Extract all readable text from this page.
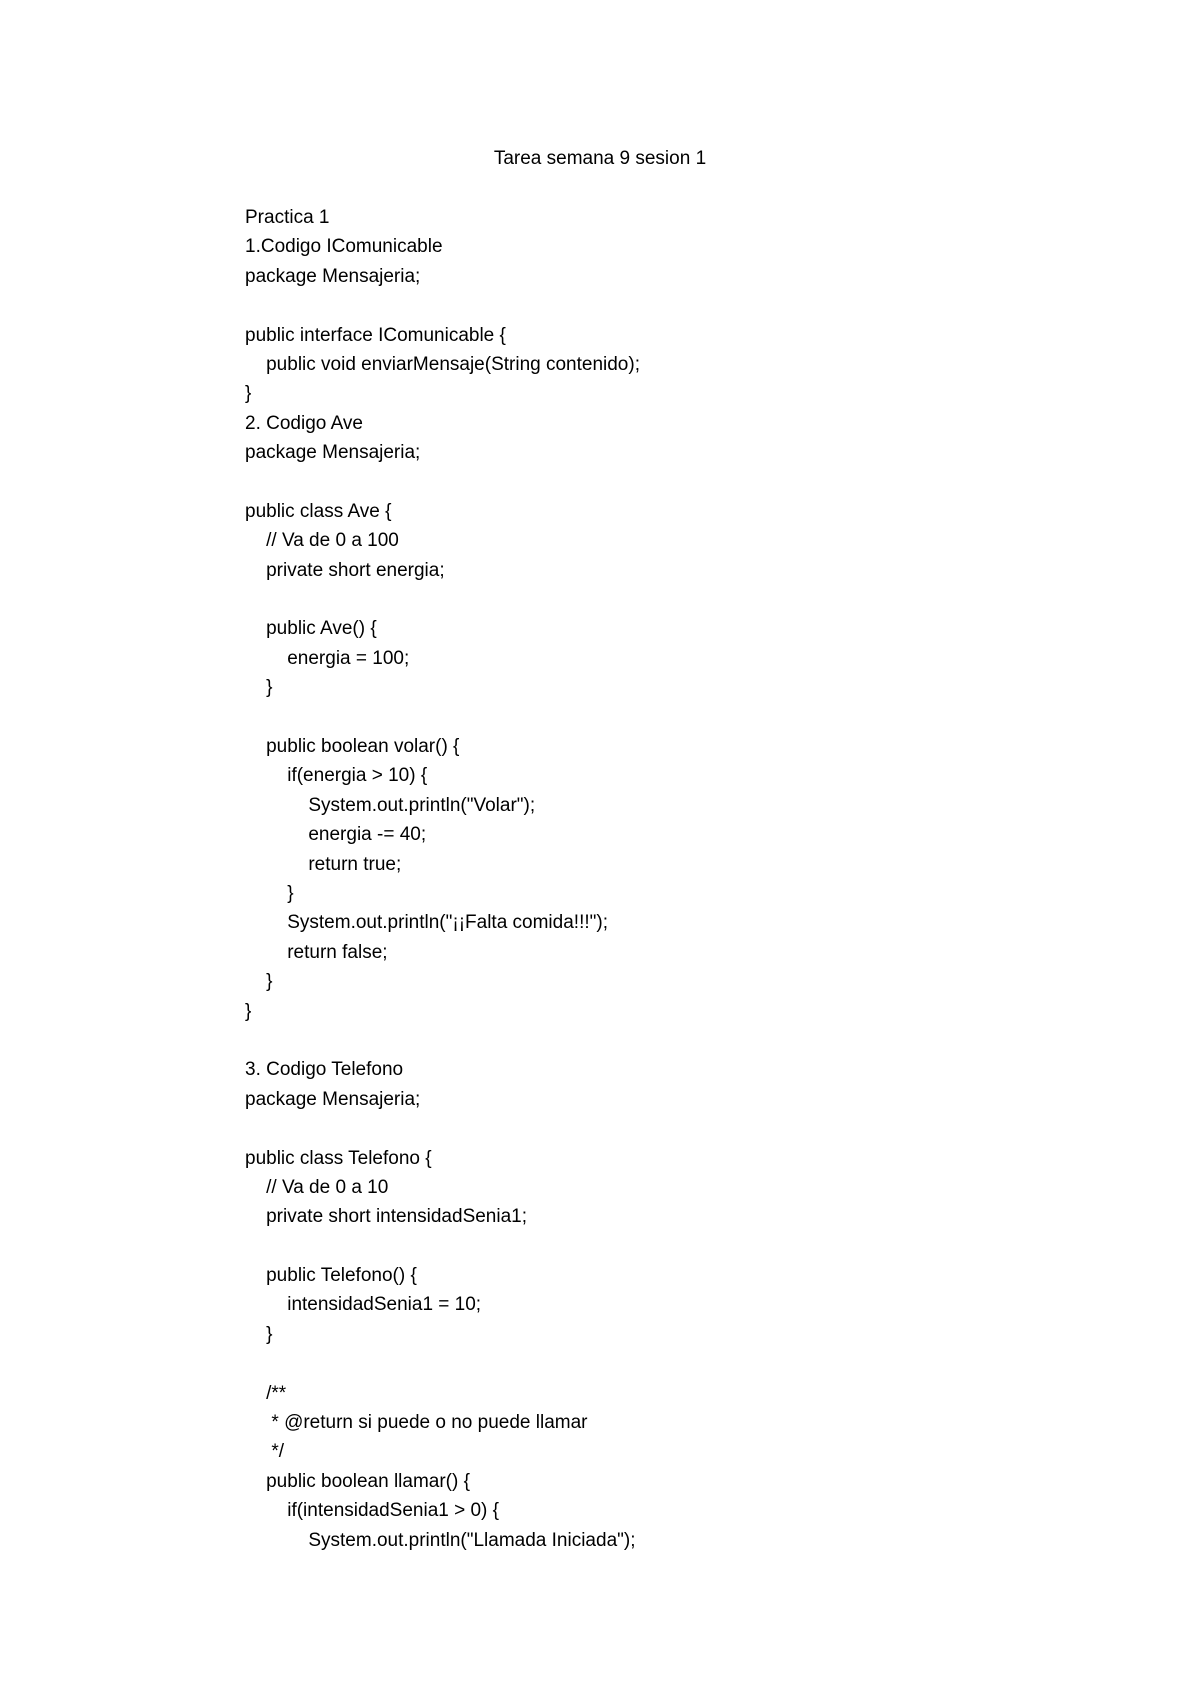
Tarea semana 9 sesion 1
Practica 1
1.Codigo IComunicable
package Mensajeria;
public interface IComunicable {
public void enviarMensaje(String contenido);
}
2. Codigo Ave
package Mensajeria;
public class Ave {
// Va de 0 a 100
private short energia;
public Ave() {
energia = 100;
}
public boolean volar() {
if(energia > 10) {
System.out.println("Volar");
energia -= 40;
return true;
}
System.out.println("¡¡Falta comida!!!");
return false;
}
}
3. Codigo Telefono
package Mensajeria;
public class Telefono {
// Va de 0 a 10
private short intensidadSenia1;
public Telefono() {
intensidadSenia1 = 10;
}
/**
* @return si puede o no puede llamar
*/
public boolean llamar() {
if(intensidadSenia1 > 0) {
System.out.println("Llamada Iniciada");
